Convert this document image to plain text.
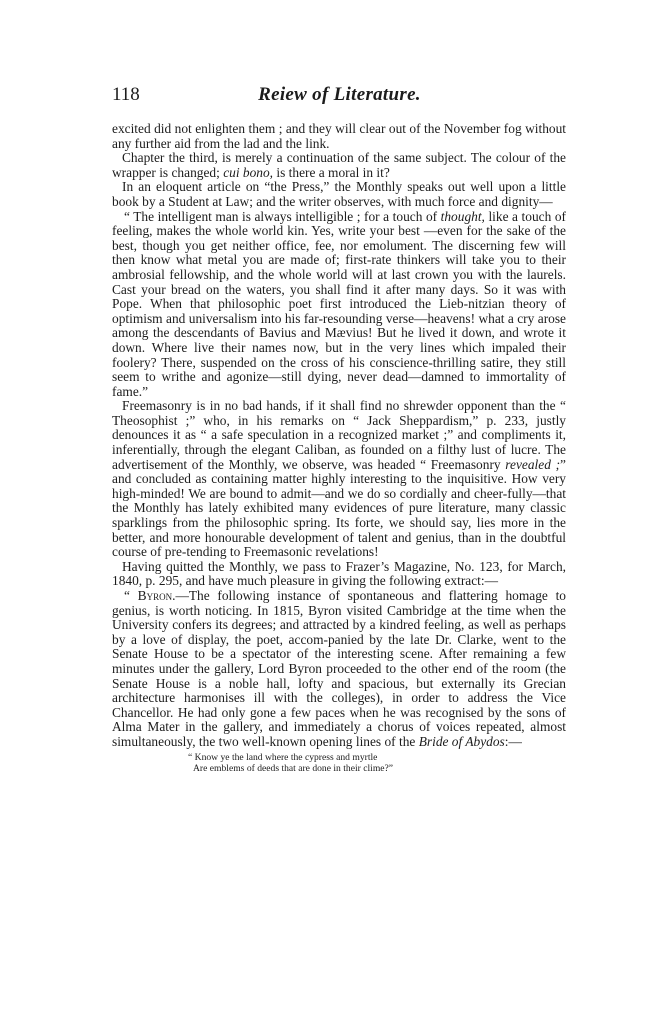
118	Reiew of Literature.

excited did not enlighten them ; and they will clear out of the November fog without any further aid from the lad and the link.

Chapter the third, is merely a continuation of the same subject. The colour of the wrapper is changed; cui bono, is there a moral in it?

In an eloquent article on “the Press,” the Monthly speaks out well upon a little book by a Student at Law; and the writer observes, with much force and dignity—

“ The intelligent man is always intelligible ; for a touch of thought, like a touch of feeling, makes the whole world kin. Yes, write your best —even for the sake of the best, though you get neither office, fee, nor emolument. The discerning few will then know what metal you are made of; first-rate thinkers will take you to their ambrosial fellowship, and the whole world will at last crown you with the laurels. Cast your bread on the waters, you shall find it after many days. So it was with Pope. When that philosophic poet first introduced the Lieb-nitzian theory of optimism and universalism into his far-resounding verse—heavens! what a cry arose among the descendants of Bavius and Mævius! But he lived it down, and wrote it down. Where live their names now, but in the very lines which impaled their foolery? There, suspended on the cross of his conscience-thrilling satire, they still seem to writhe and agonize—still dying, never dead—damned to immortality of fame.”

Freemasonry is in no bad hands, if it shall find no shrewder opponent than the “ Theosophist ;” who, in his remarks on “ Jack Sheppardism,” p. 233, justly denounces it as “ a safe speculation in a recognized market ;” and compliments it, inferentially, through the elegant Caliban, as founded on a filthy lust of lucre. The advertisement of the Monthly, we observe, was headed “ Freemasonry revealed ;” and concluded as containing matter highly interesting to the inquisitive. How very high-minded! We are bound to admit—and we do so cordially and cheer-fully—that the Monthly has lately exhibited many evidences of pure literature, many classic sparklings from the philosophic spring. Its forte, we should say, lies more in the better, and more honourable development of talent and genius, than in the doubtful course of pre-tending to Freemasonic revelations!

Having quitted the Monthly, we pass to Frazer’s Magazine, No. 123, for March, 1840, p. 295, and have much pleasure in giving the following extract:—

“ Byron.—The following instance of spontaneous and flattering homage to genius, is worth noticing. In 1815, Byron visited Cambridge at the time when the University confers its degrees; and attracted by a kindred feeling, as well as perhaps by a love of display, the poet, accom-panied by the late Dr. Clarke, went to the Senate House to be a spectator of the interesting scene. After remaining a few minutes under the gallery, Lord Byron proceeded to the other end of the room (the Senate House is a noble hall, lofty and spacious, but externally its Grecian architecture harmonises ill with the colleges), in order to address the Vice Chancellor. He had only gone a few paces when he was recognised by the sons of Alma Mater in the gallery, and immediately a chorus of voices repeated, almost simultaneously, the two well-known opening lines of the Bride of Abydos:—

“ Know ye the land where the cypress and myrtle
Are emblems of deeds that are done in their clime?”
